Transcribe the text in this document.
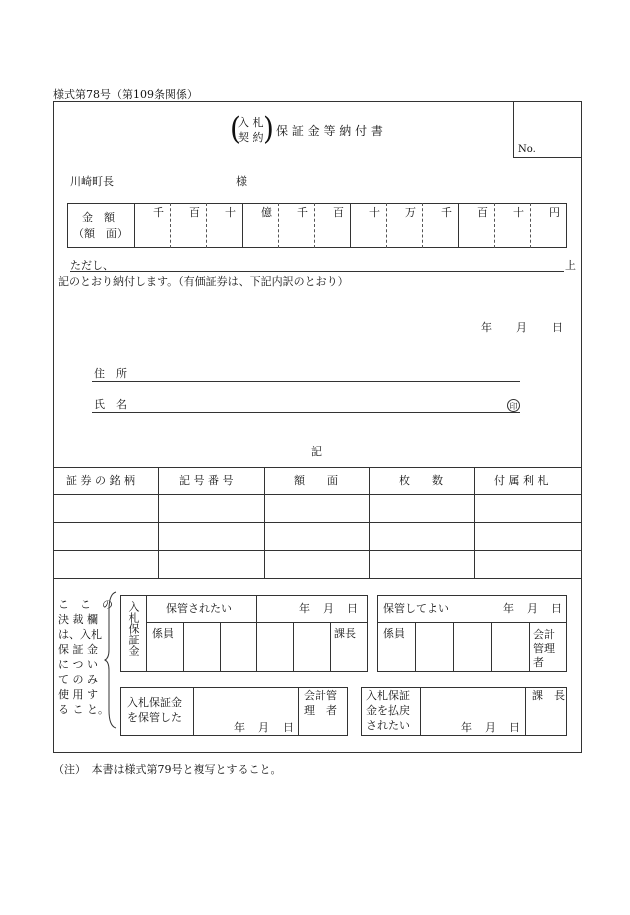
様式第78号（第109条関係）
No.
(
入 札
契 約 ) 保 証 金 等 納 付 書
川崎町長	様
金　額
（額　面）
千 百 十 億 千 百 十 万 千 百 十 円
ただし、	上
記のとおり納付します。（有価証券は、下記内訳のとおり）
年 月 日
住　所
氏　名	印
記
証 券 の 銘 柄	記 号 番 号	額　　面	枚　　数	付 属 利 札
こ　こ　の
決 裁 欄
は、入札
保 証 金
に つ い
て の み
使 用 す
る こ と。
入札保証金 保管されたい	年 月 日
係員	課長
保管してよい	年 月 日
係員	会計管理者
入札保証金
を保管した
年 月 日
会計管
理　者
入札保証
金を払戻
されたい	年 月 日
課　長
（注）　本書は様式第79号と複写とすること。
